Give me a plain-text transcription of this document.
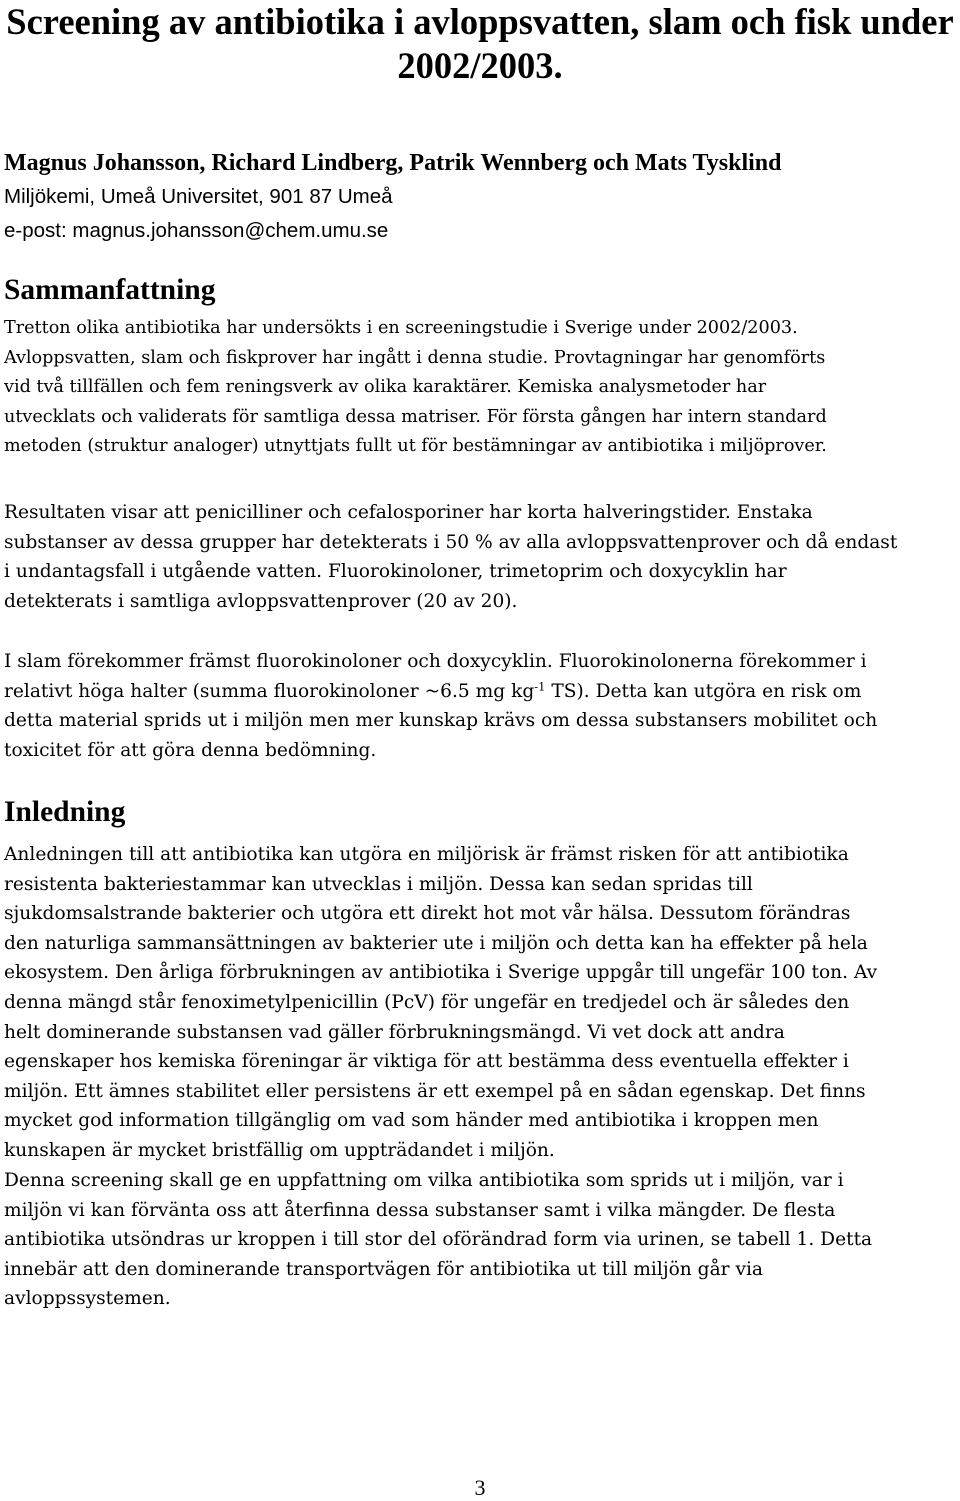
Screening av antibiotika i avloppsvatten, slam och fisk under 2002/2003.
Magnus Johansson, Richard Lindberg, Patrik Wennberg och Mats Tysklind
Miljökemi, Umeå Universitet, 901 87 Umeå
e-post: magnus.johansson@chem.umu.se
Sammanfattning

Tretton olika antibiotika har undersökts i en screeningstudie i Sverige under 2002/2003.
Avloppsvatten, slam och fiskprover har ingått i denna studie. Provtagningar har genomförts
vid två tillfällen och fem reningsverk av olika karaktärer. Kemiska analysmetoder har
utvecklats och validerats för samtliga dessa matriser. För första gången har intern standard
metoden (struktur analoger) utnyttjats fullt ut för bestämningar av antibiotika i miljöprover.

Resultaten visar att penicilliner och cefalosporiner har korta halveringstider. Enstaka
substanser av dessa grupper har detekterats i 50 % av alla avloppsvattenprover och då endast
i undantagsfall i utgående vatten. Fluorokinoloner, trimetoprim och doxycyklin har
detekterats i samtliga avloppsvattenprover (20 av 20).

I slam förekommer främst fluorokinoloner och doxycyklin. Fluorokinolonerna förekommer i
relativt höga halter (summa fluorokinoloner ~6.5 mg $kg^{-1}$ TS). Detta kan utgöra en risk om
detta material sprids ut i miljön men mer kunskap krävs om dessa substansers mobilitet och
toxicitet för att göra denna bedömning.

Inledning

Anledningen till att antibiotika kan utgöra en miljörisk är främst risken för att antibiotika
resistenta bakteriestammar kan utvecklas i miljön. Dessa kan sedan spridas till
sjukdomsalstrande bakterier och utgöra ett direkt hot mot vår hälsa. Dessutom förändras
den naturliga sammansättningen av bakterier ute i miljön och detta kan ha effekter på hela
ekosystem. Den årliga förbrukningen av antibiotika i Sverige uppgår till ungefär 100 ton. Av
denna mängd står fenoximetylpenicillin (PcV) för ungefär en tredjedel och är således den
helt dominerande substansen vad gäller förbrukningsmängd. Vi vet dock att andra
egenskaper hos kemiska föreningar är viktiga för att bestämma dess eventuella effekter i
miljön. Ett ämnes stabilitet eller persistens är ett exempel på en sådan egenskap. Det finns
mycket god information tillgänglig om vad som händer med antibiotika i kroppen men
kunskapen är mycket bristfällig om uppträdandet i miljön.

Denna screening skall ge en uppfattning om vilka antibiotika som sprids ut i miljön, var i
miljön vi kan förvänta oss att återfinna dessa substanser samt i vilka mängder. De flesta
antibiotika utsöndras ur kroppen i till stor del oförändrad form via urinen, se tabell 1. Detta
innebär att den dominerande transportvägen för antibiotika ut till miljön går via
avloppssystemen.

3
